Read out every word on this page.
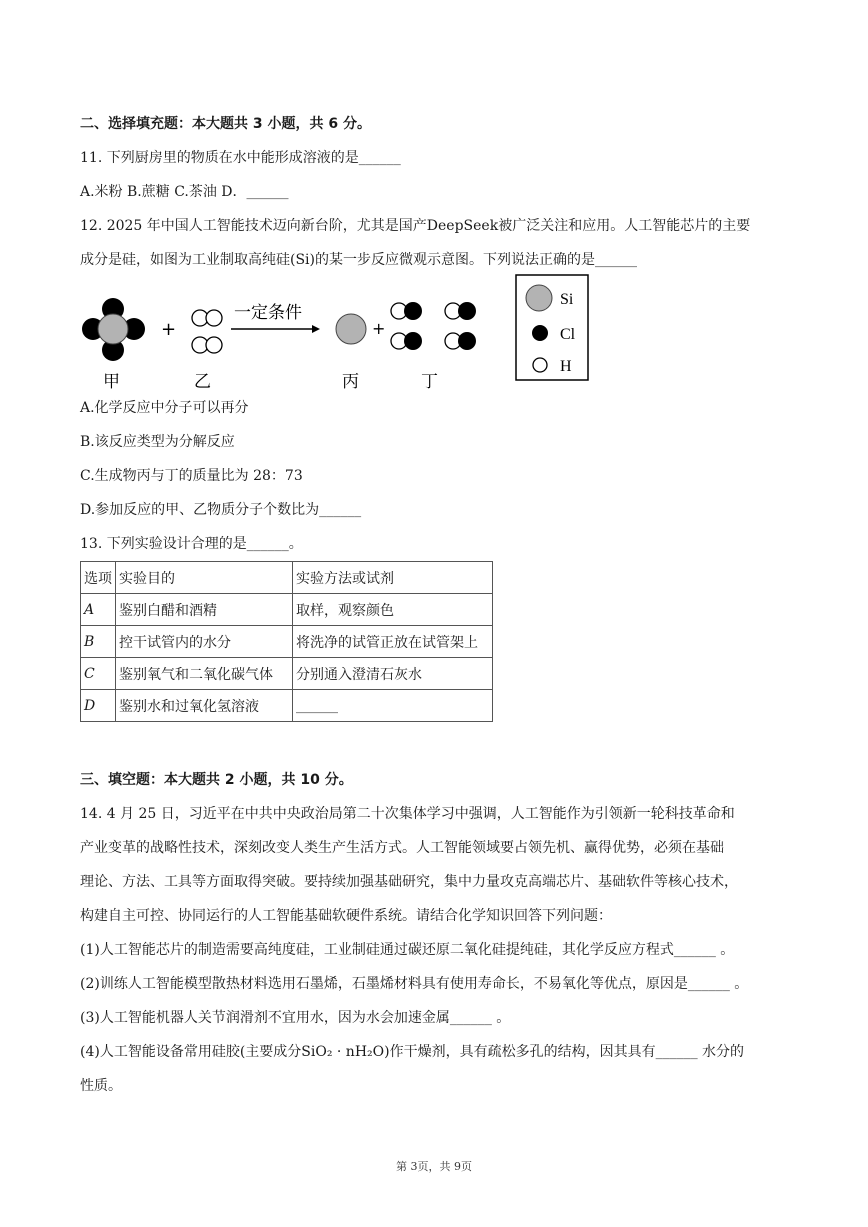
二、选择填充题：本大题共 3 小题，共 6 分。
11. 下列厨房里的物质在水中能形成溶液的是______
A.米粉 B.蔗糖 C.茶油 D．______
12. 2025 年中国人工智能技术迈向新台阶，尤其是国产DeepSeek被广泛关注和应用。人工智能芯片的主要
成分是硅，如图为工业制取高纯硅(Si)的某一步反应微观示意图。下列说法正确的是______
+
一定条件
+
甲	乙	丙	丁
Si
Cl
H
A.化学反应中分子可以再分
B.该反应类型为分解反应
C.生成物丙与丁的质量比为 28：73
D.参加反应的甲、乙物质分子个数比为______
13. 下列实验设计合理的是______。
选项	实验目的	实验方法或试剂
A	鉴别白醋和酒精	取样，观察颜色
B	控干试管内的水分	将洗净的试管正放在试管架上
C	鉴别氧气和二氧化碳气体	分别通入澄清石灰水
D	鉴别水和过氧化氢溶液	______
三、填空题：本大题共 2 小题，共 10 分。
14. 4 月 25 日，习近平在中共中央政治局第二十次集体学习中强调，人工智能作为引领新一轮科技革命和
产业变革的战略性技术，深刻改变人类生产生活方式。人工智能领域要占领先机、赢得优势，必须在基础
理论、方法、工具等方面取得突破。要持续加强基础研究，集中力量攻克高端芯片、基础软件等核心技术，
构建自主可控、协同运行的人工智能基础软硬件系统。请结合化学知识回答下列问题：
(1)人工智能芯片的制造需要高纯度硅，工业制硅通过碳还原二氧化硅提纯硅，其化学反应方程式______ 。
(2)训练人工智能模型散热材料选用石墨烯，石墨烯材料具有使用寿命长，不易氧化等优点，原因是______ 。
(3)人工智能机器人关节润滑剂不宜用水，因为水会加速金属______ 。
(4)人工智能设备常用硅胶(主要成分SiO₂ · nH₂O)作干燥剂，具有疏松多孔的结构，因其具有______ 水分的
性质。
第 3页，共 9页
